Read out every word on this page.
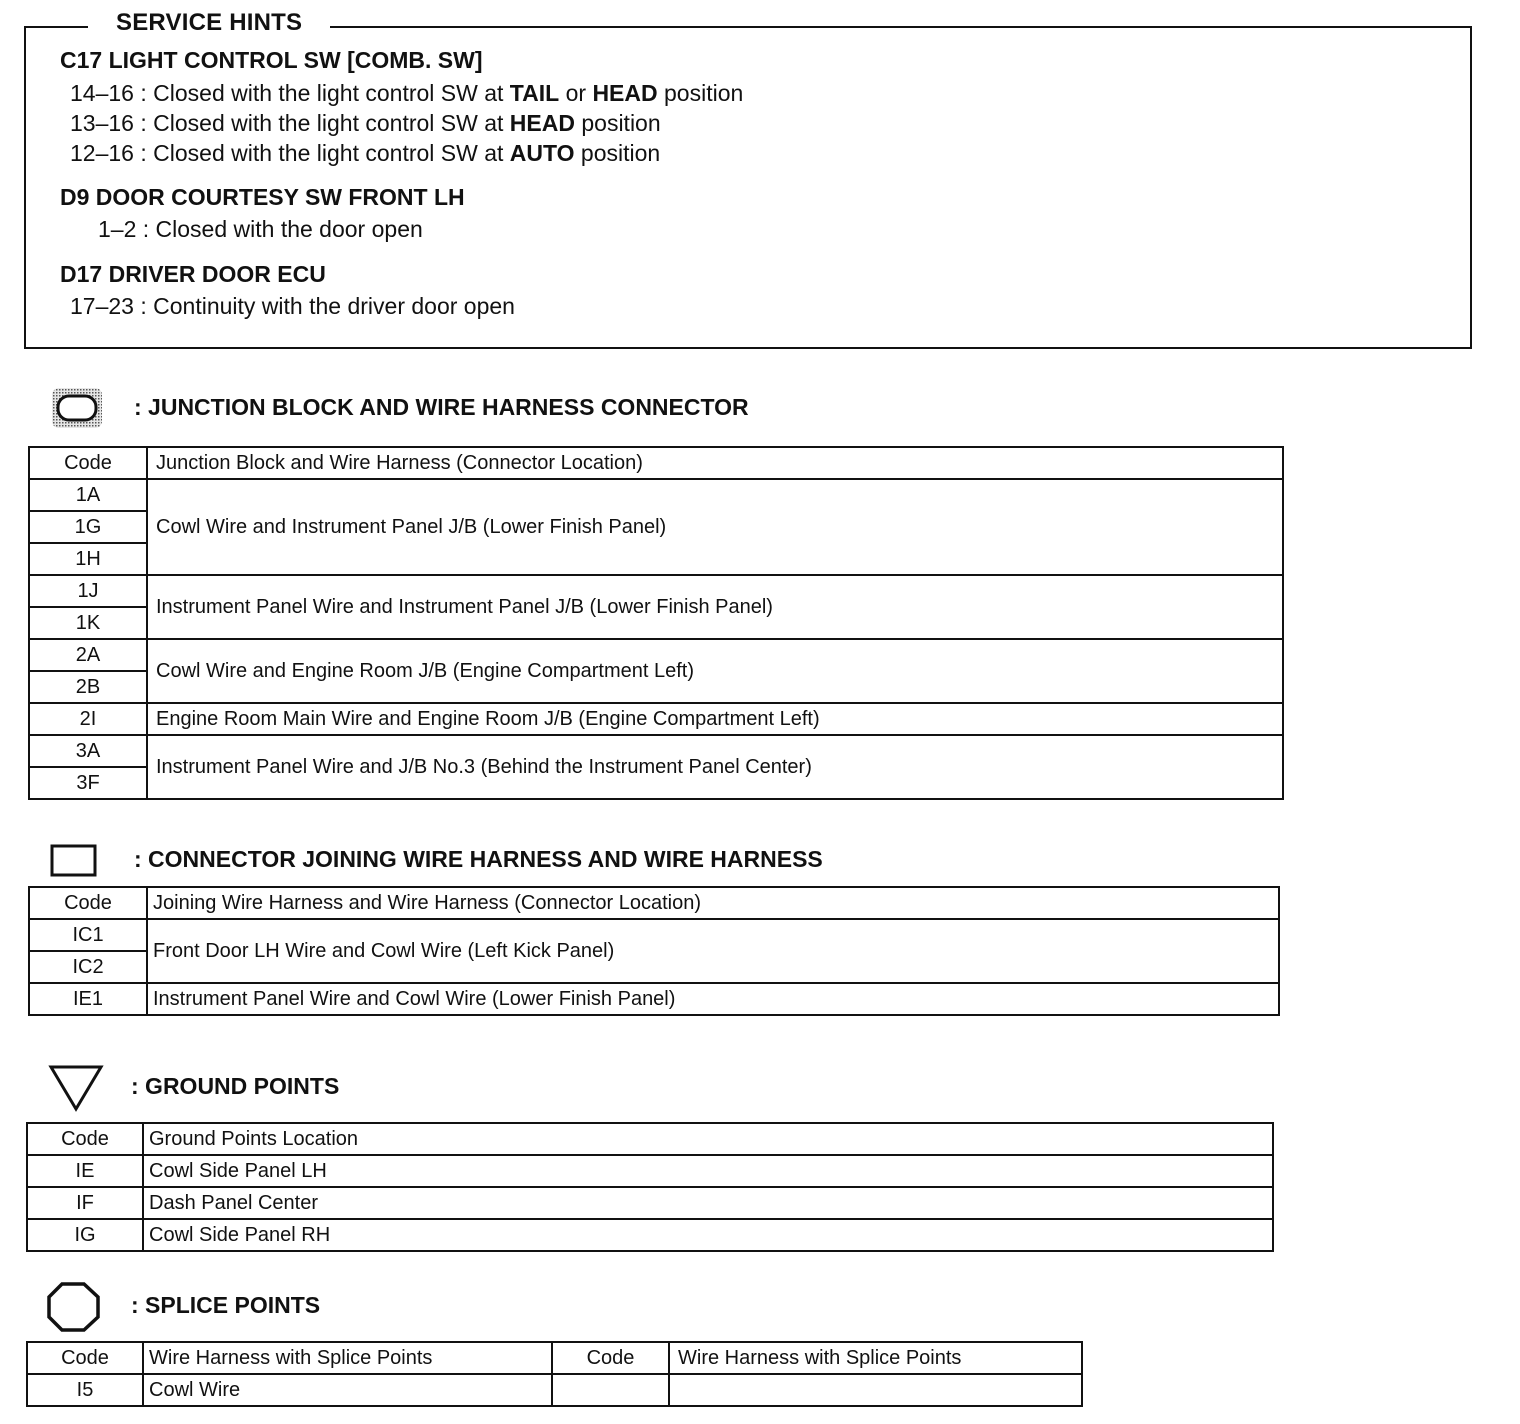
SERVICE HINTS
C17 LIGHT CONTROL SW [COMB. SW]
14–16 : Closed with the light control SW at TAIL or HEAD position
13–16 : Closed with the light control SW at HEAD position
12–16 : Closed with the light control SW at AUTO position
D9 DOOR COURTESY SW FRONT LH
1–2 : Closed with the door open
D17 DRIVER DOOR ECU
17–23 : Continuity with the driver door open
: JUNCTION BLOCK AND WIRE HARNESS CONNECTOR
Code	Junction Block and Wire Harness (Connector Location)
1A	Cowl Wire and Instrument Panel J/B (Lower Finish Panel)
1G	
1H	
1J	Instrument Panel Wire and Instrument Panel J/B (Lower Finish Panel)
1K	
2A	Cowl Wire and Engine Room J/B (Engine Compartment Left)
2B	
2I	Engine Room Main Wire and Engine Room J/B (Engine Compartment Left)
3A	Instrument Panel Wire and J/B No.3 (Behind the Instrument Panel Center)
3F	
: CONNECTOR JOINING WIRE HARNESS AND WIRE HARNESS
Code	Joining Wire Harness and Wire Harness (Connector Location)
IC1	Front Door LH Wire and Cowl Wire (Left Kick Panel)
IC2	
IE1	Instrument Panel Wire and Cowl Wire (Lower Finish Panel)
: GROUND POINTS
Code	Ground Points Location
IE	Cowl Side Panel LH
IF	Dash Panel Center
IG	Cowl Side Panel RH
: SPLICE POINTS
Code	Wire Harness with Splice Points	Code	Wire Harness with Splice Points
I5	Cowl Wire		
